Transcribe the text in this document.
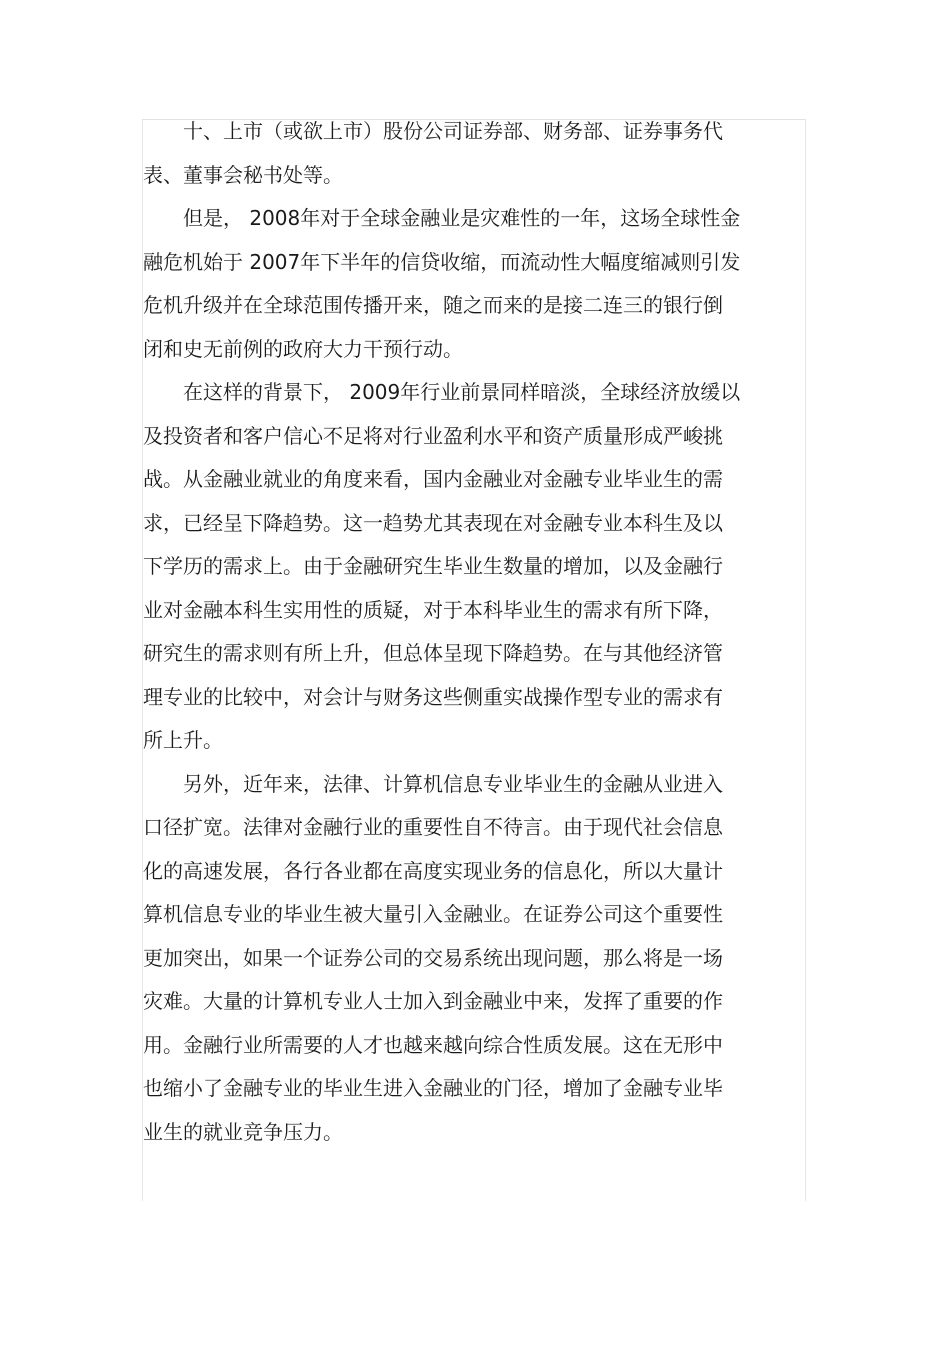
　　十、上市（或欲上市）股份公司证券部、财务部、证券事务代
表、董事会秘书处等。
　　但是， 2008年对于全球金融业是灾难性的一年，这场全球性金
融危机始于 2007年下半年的信贷收缩，而流动性大幅度缩减则引发
危机升级并在全球范围传播开来，随之而来的是接二连三的银行倒
闭和史无前例的政府大力干预行动。
　　在这样的背景下， 2009年行业前景同样暗淡，全球经济放缓以
及投资者和客户信心不足将对行业盈利水平和资产质量形成严峻挑
战。从金融业就业的角度来看，国内金融业对金融专业毕业生的需
求，已经呈下降趋势。这一趋势尤其表现在对金融专业本科生及以
下学历的需求上。由于金融研究生毕业生数量的增加，以及金融行
业对金融本科生实用性的质疑，对于本科毕业生的需求有所下降，
研究生的需求则有所上升，但总体呈现下降趋势。在与其他经济管
理专业的比较中，对会计与财务这些侧重实战操作型专业的需求有
所上升。
　　另外，近年来，法律、计算机信息专业毕业生的金融从业进入
口径扩宽。法律对金融行业的重要性自不待言。由于现代社会信息
化的高速发展，各行各业都在高度实现业务的信息化，所以大量计
算机信息专业的毕业生被大量引入金融业。在证券公司这个重要性
更加突出，如果一个证券公司的交易系统出现问题，那么将是一场
灾难。大量的计算机专业人士加入到金融业中来，发挥了重要的作
用。金融行业所需要的人才也越来越向综合性质发展。这在无形中
也缩小了金融专业的毕业生进入金融业的门径，增加了金融专业毕
业生的就业竞争压力。
